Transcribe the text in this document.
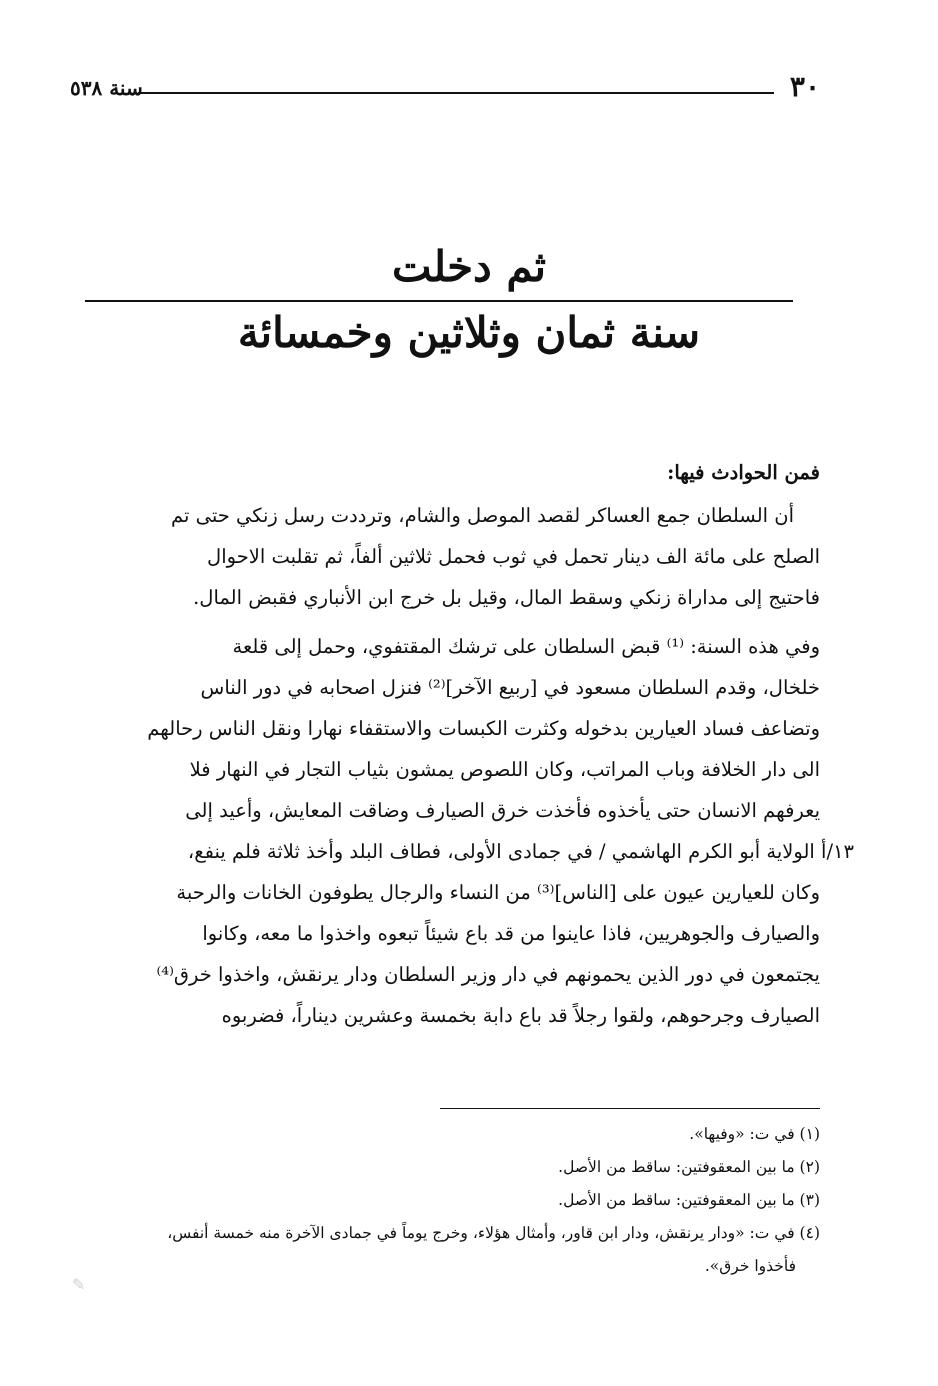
٣٠
سنة ٥٣٨
ثم دخلت
سنة ثمان وثلاثين وخمسائة

فمن الحوادث فيها:

أن السلطان جمع العساكر لقصد الموصل والشام، وترددت رسل زنكي حتى تم

الصلح على مائة الف دينار تحمل في ثوب فحمل ثلاثين ألفاً، ثم تقلبت الاحوال

فاحتيج إلى مداراة زنكي وسقط المال، وقيل بل خرج ابن الأنباري فقبض المال.

وفي هذه السنة: ⁽¹⁾ قبض السلطان على ترشك المقتفوي، وحمل إلى قلعة

خلخال، وقدم السلطان مسعود في [ربيع الآخر]⁽²⁾ فنزل اصحابه في دور الناس

وتضاعف فساد العيارين بدخوله وكثرت الكبسات والاستقفاء نهارا ونقل الناس رحالهم

الى دار الخلافة وباب المراتب، وكان اللصوص يمشون بثياب التجار في النهار فلا

يعرفهم الانسان حتى يأخذوه فأخذت خرق الصيارف وضاقت المعايش، وأعيد إلى

١٣/أ الولاية أبو الكرم الهاشمي / في جمادى الأولى، فطاف البلد وأخذ ثلاثة فلم ينفع،

وكان للعيارين عيون على [الناس]⁽³⁾ من النساء والرجال يطوفون الخانات والرحبة

والصيارف والجوهريين، فاذا عاينوا من قد باع شيئاً تبعوه واخذوا ما معه، وكانوا

يجتمعون في دور الذين يحمونهم في دار وزير السلطان ودار يرنقش، واخذوا خرق⁽⁴⁾

الصيارف وجرحوهم، ولقوا رجلاً قد باع دابة بخمسة وعشرين ديناراً، فضربوه

(١) في ت: «وفيها».

(٢) ما بين المعقوفتين: ساقط من الأصل.

(٣) ما بين المعقوفتين: ساقط من الأصل.

(٤) في ت: «ودار يرنقش، ودار ابن قاور، وأمثال هؤلاء، وخرج يوماً في جمادى الآخرة منه خمسة أنفس،

فأخذوا خرق».

✎
